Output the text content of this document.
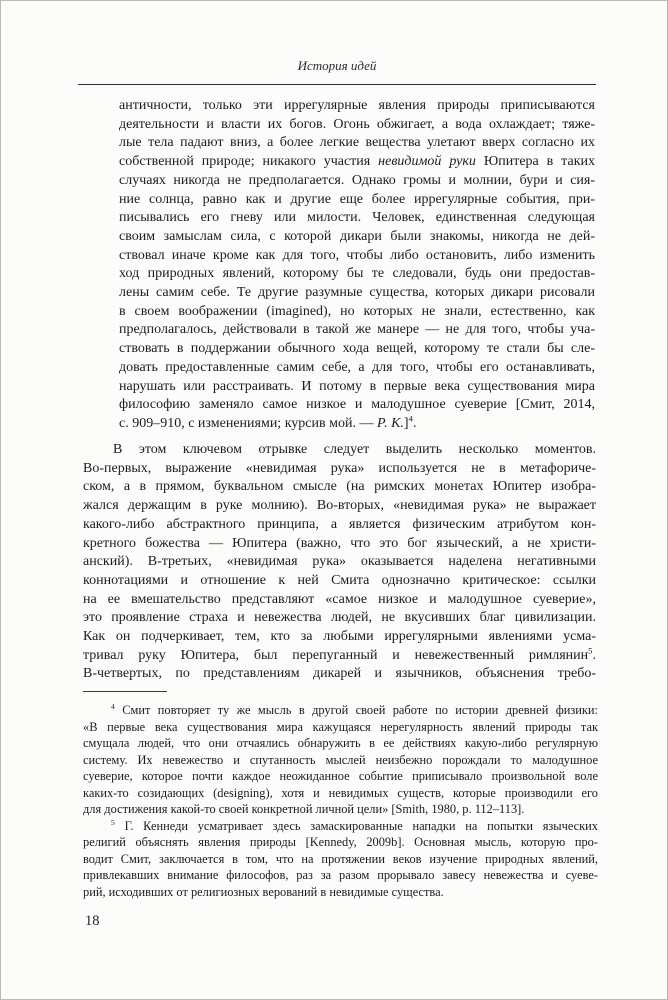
История идей
античности, только эти иррегулярные явления природы приписываются
деятельности и власти их богов. Огонь обжигает, а вода охлаждает; тяже-
лые тела падают вниз, а более легкие вещества улетают вверх согласно их
собственной природе; никакого участия невидимой руки Юпитера в таких
случаях никогда не предполагается. Однако громы и молнии, бури и сия-
ние солнца, равно как и другие еще более иррегулярные события, при-
писывались его гневу или милости. Человек, единственная следующая
своим замыслам сила, с которой дикари были знакомы, никогда не дей-
ствовал иначе кроме как для того, чтобы либо остановить, либо изменить
ход природных явлений, которому бы те следовали, будь они предостав-
лены самим себе. Те другие разумные существа, которых дикари рисовали
в своем воображении (imagined), но которых не знали, естественно, как
предполагалось, действовали в такой же манере — не для того, чтобы уча-
ствовать в поддержании обычного хода вещей, которому те стали бы сле-
довать предоставленные самим себе, а для того, чтобы его останавливать,
нарушать или расстраивать. И потому в первые века существования мира
философию заменяло самое низкое и малодушное суеверие [Смит, 2014,
с. 909–910, с изменениями; курсив мой. — Р. К.]$^4$.
В этом ключевом отрывке следует выделить несколько моментов.
Во-первых, выражение «невидимая рука» используется не в метафориче-
ском, а в прямом, буквальном смысле (на римских монетах Юпитер изобра-
жался держащим в руке молнию). Во-вторых, «невидимая рука» не выражает
какого-либо абстрактного принципа, а является физическим атрибутом кон-
кретного божества — Юпитера (важно, что это бог языческий, а не христи-
анский). В-третьих, «невидимая рука» оказывается наделена негативными
коннотациями и отношение к ней Смита однозначно критическое: ссылки
на ее вмешательство представляют «самое низкое и малодушное суеверие»,
это проявление страха и невежества людей, не вкусивших благ цивилизации.
Как он подчеркивает, тем, кто за любыми иррегулярными явлениями усма-
тривал руку Юпитера, был перепуганный и невежественный римлянин$^5$.
В-четвертых, по представлениям дикарей и язычников, объяснения требо-
$^4$ Смит повторяет ту же мысль в другой своей работе по истории древней физики:
«В первые века существования мира кажущаяся нерегулярность явлений природы так
смущала людей, что они отчаялись обнаружить в ее действиях какую-либо регулярную
систему. Их невежество и спутанность мыслей неизбежно порождали то малодушное
суеверие, которое почти каждое неожиданное событие приписывало произвольной воле
каких-то созидающих (designing), хотя и невидимых существ, которые производили его
для достижения какой-то своей конкретной личной цели» [Smith, 1980, p. 112–113].
$^5$ Г. Кеннеди усматривает здесь замаскированные нападки на попытки языческих
религий объяснять явления природы [Kennedy, 2009b]. Основная мысль, которую про-
водит Смит, заключается в том, что на протяжении веков изучение природных явлений,
привлекавших внимание философов, раз за разом прорывало завесу невежества и суеве-
рий, исходивших от религиозных верований в невидимые существа.
18
